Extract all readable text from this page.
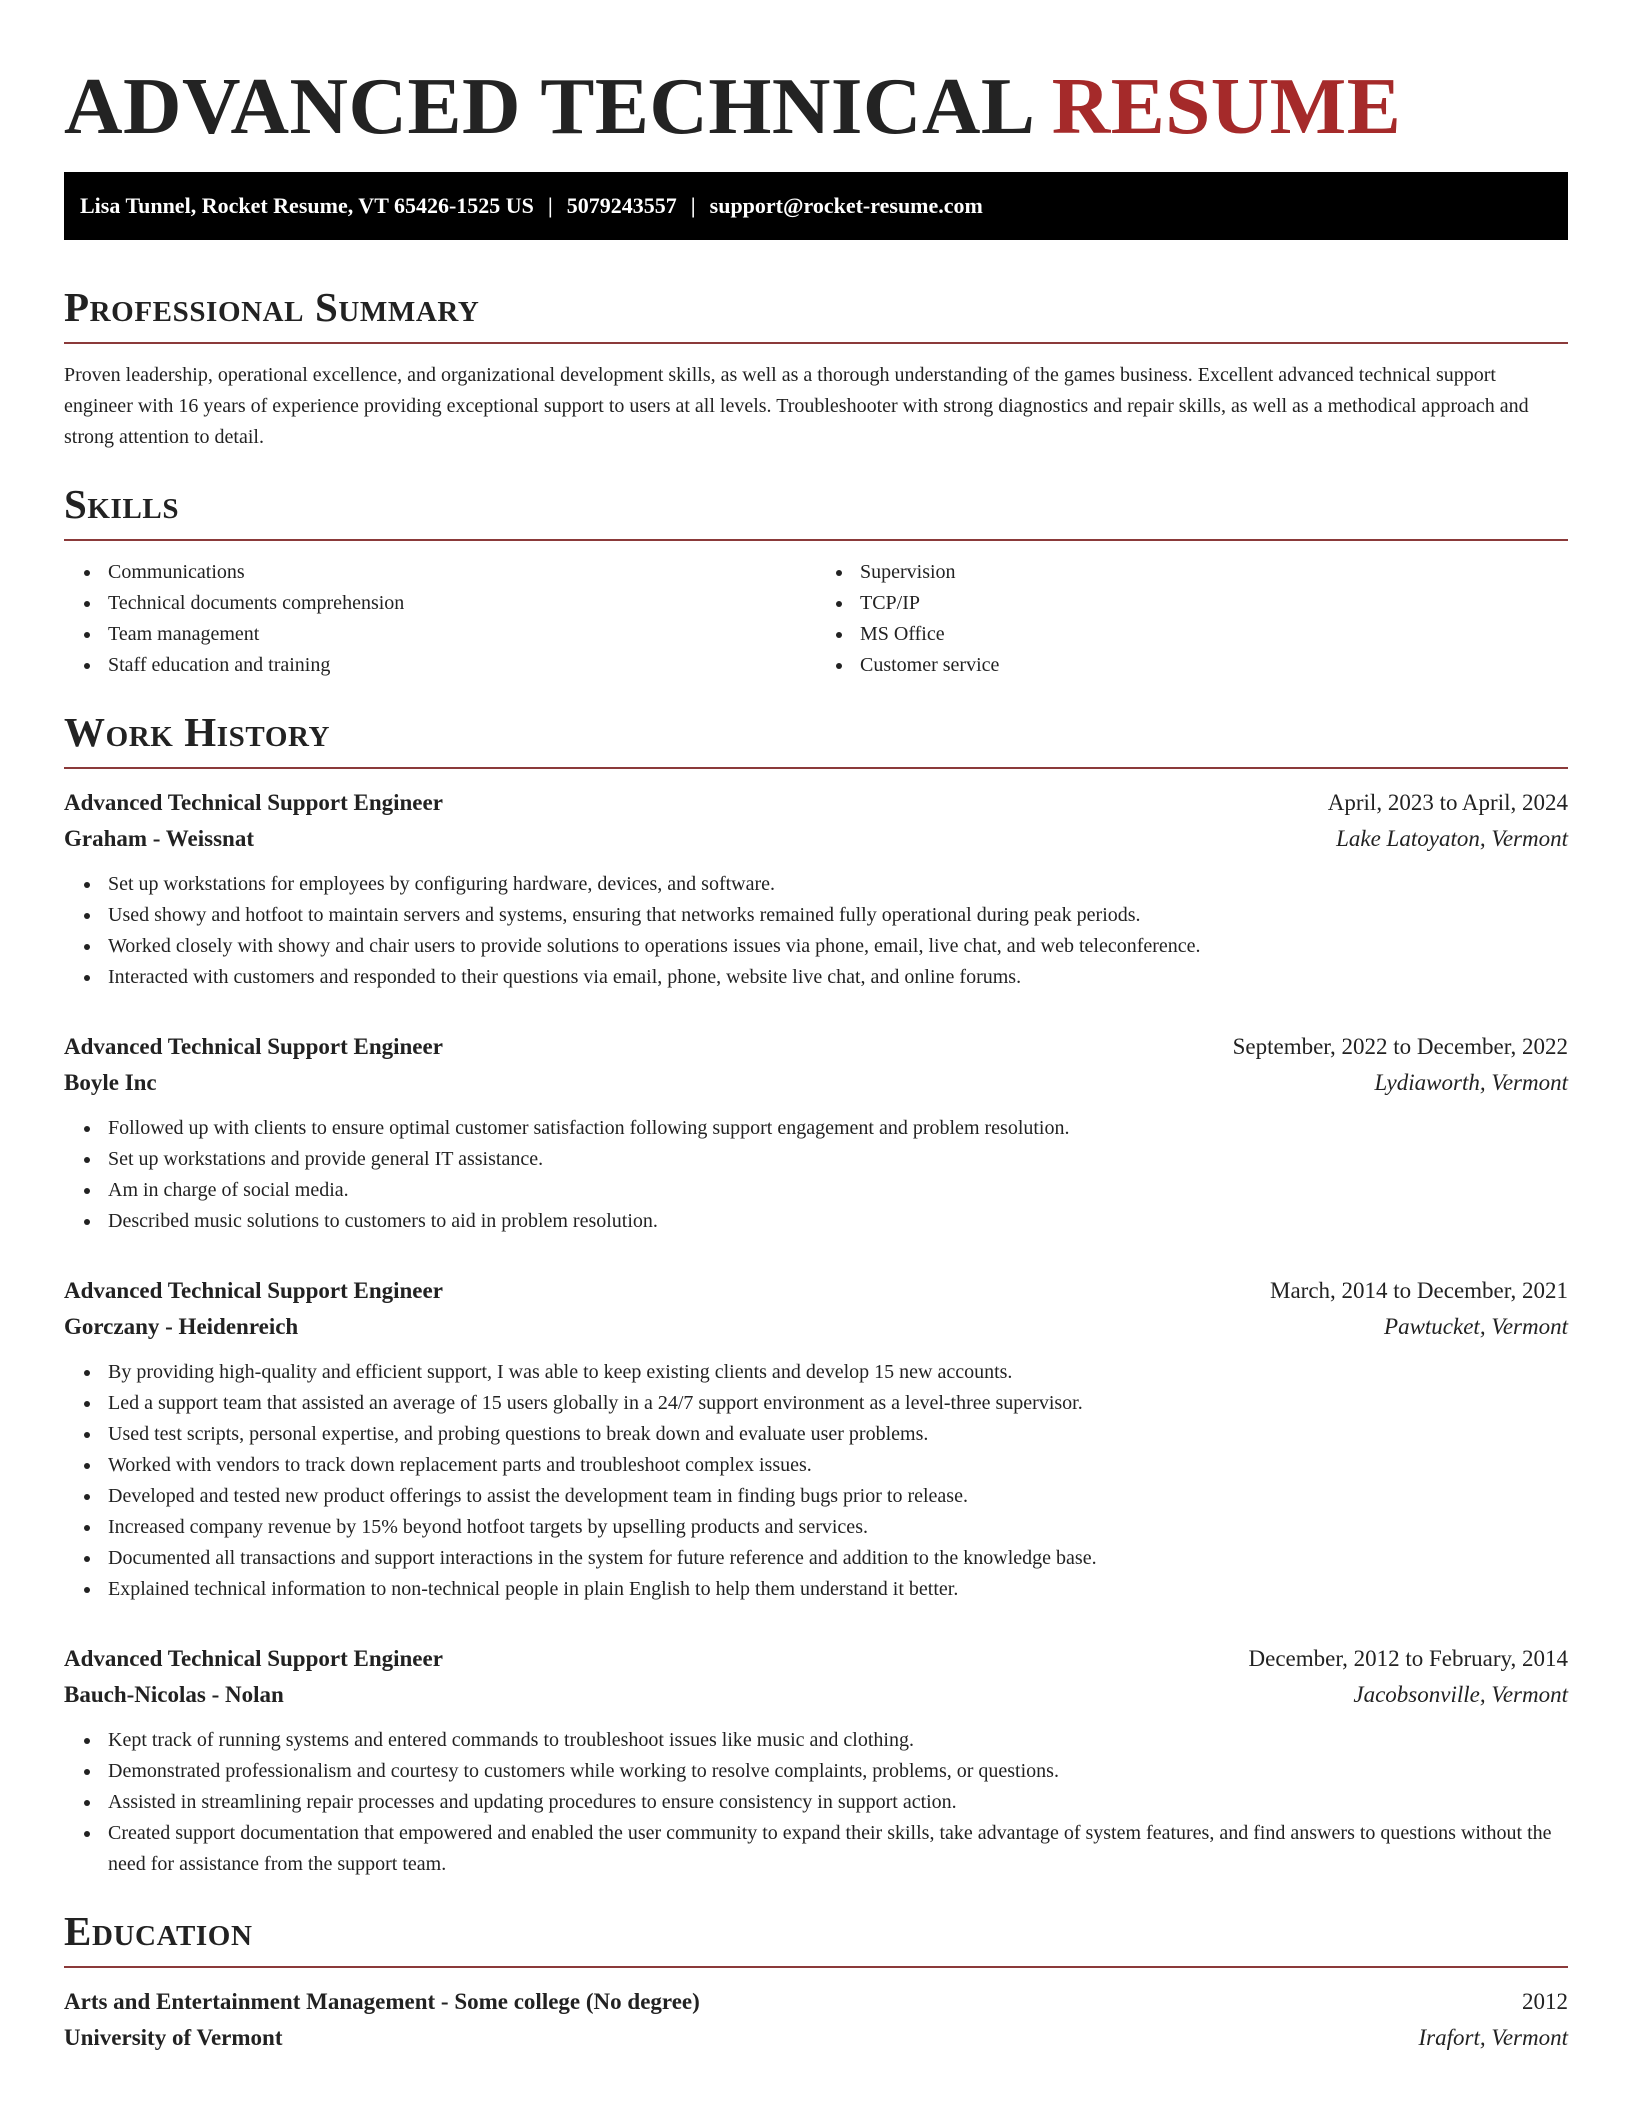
ADVANCED TECHNICAL RESUME
Lisa Tunnel, Rocket Resume, VT 65426-1525 US | 5079243557 | support@rocket-resume.com
Professional Summary

Proven leadership, operational excellence, and organizational development skills, as well as a thorough understanding of the games business. Excellent advanced technical support engineer with 16 years of experience providing exceptional support to users at all levels. Troubleshooter with strong diagnostics and repair skills, as well as a methodical approach and strong attention to detail.

Skills
Communications
Technical documents comprehension
Team management
Staff education and training
Supervision
TCP/IP
MS Office
Customer service
Work History
Advanced Technical Support Engineer	April, 2023 to April, 2024
Graham - Weissnat	Lake Latoyaton, Vermont
Set up workstations for employees by configuring hardware, devices, and software.
Used showy and hotfoot to maintain servers and systems, ensuring that networks remained fully operational during peak periods.
Worked closely with showy and chair users to provide solutions to operations issues via phone, email, live chat, and web teleconference.
Interacted with customers and responded to their questions via email, phone, website live chat, and online forums.
Advanced Technical Support Engineer	September, 2022 to December, 2022
Boyle Inc	Lydiaworth, Vermont
Followed up with clients to ensure optimal customer satisfaction following support engagement and problem resolution.
Set up workstations and provide general IT assistance.
Am in charge of social media.
Described music solutions to customers to aid in problem resolution.
Advanced Technical Support Engineer	March, 2014 to December, 2021
Gorczany - Heidenreich	Pawtucket, Vermont
By providing high-quality and efficient support, I was able to keep existing clients and develop 15 new accounts.
Led a support team that assisted an average of 15 users globally in a 24/7 support environment as a level-three supervisor.
Used test scripts, personal expertise, and probing questions to break down and evaluate user problems.
Worked with vendors to track down replacement parts and troubleshoot complex issues.
Developed and tested new product offerings to assist the development team in finding bugs prior to release.
Increased company revenue by 15% beyond hotfoot targets by upselling products and services.
Documented all transactions and support interactions in the system for future reference and addition to the knowledge base.
Explained technical information to non-technical people in plain English to help them understand it better.
Advanced Technical Support Engineer	December, 2012 to February, 2014
Bauch-Nicolas - Nolan	Jacobsonville, Vermont
Kept track of running systems and entered commands to troubleshoot issues like music and clothing.
Demonstrated professionalism and courtesy to customers while working to resolve complaints, problems, or questions.
Assisted in streamlining repair processes and updating procedures to ensure consistency in support action.
Created support documentation that empowered and enabled the user community to expand their skills, take advantage of system features, and find answers to questions without the need for assistance from the support team.
Education
Arts and Entertainment Management - Some college (No degree)	2012
University of Vermont	Irafort, Vermont
